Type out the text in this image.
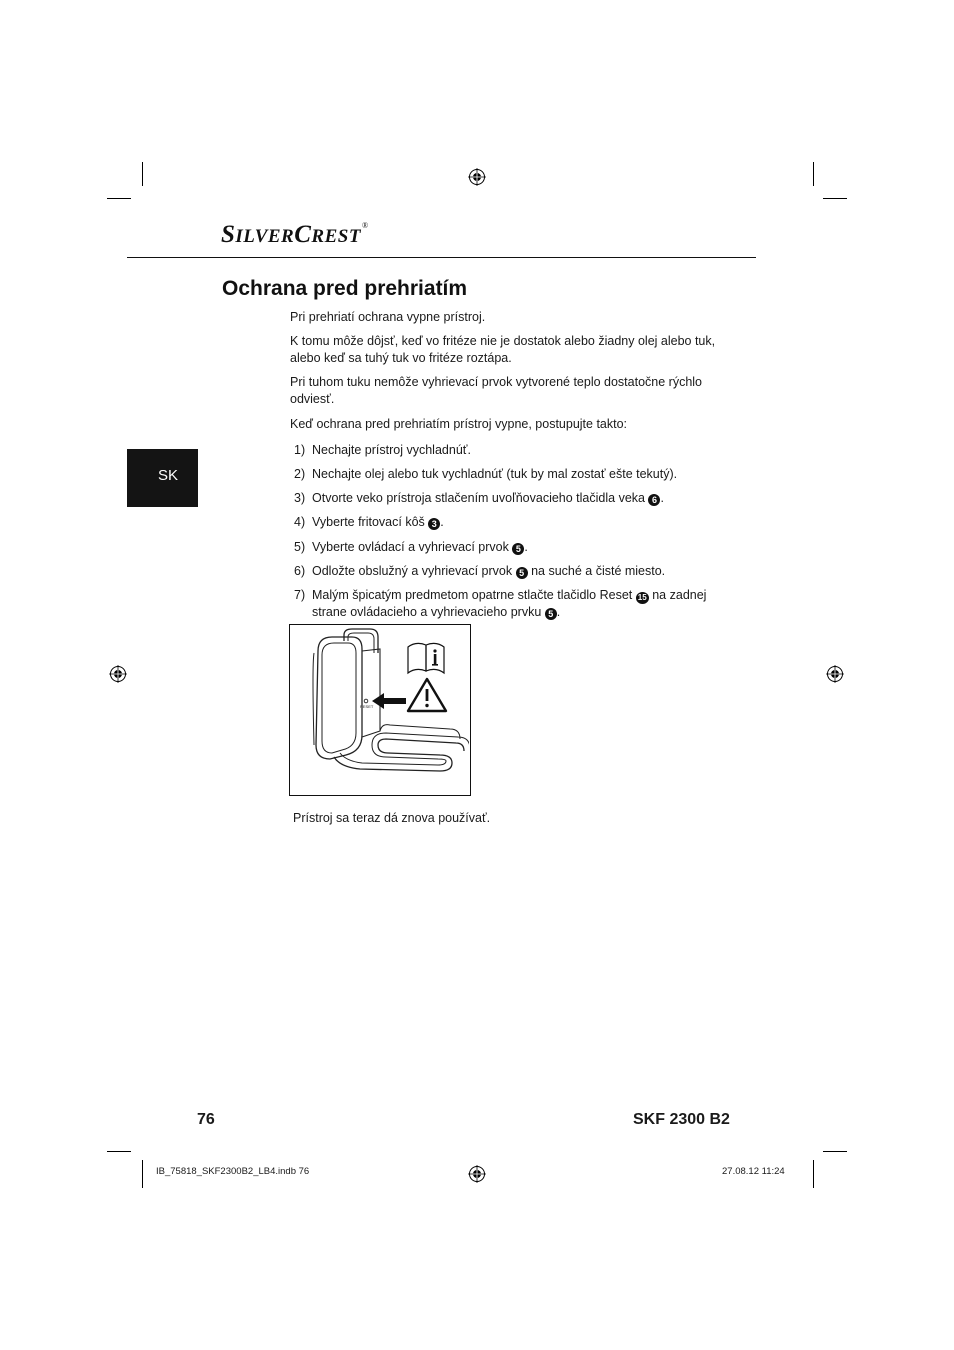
SILVERCREST®
Ochrana pred prehriatím
SK

Pri prehriatí ochrana vypne prístroj.

K tomu môže dôjsť, keď vo fritéze nie je dostatok alebo žiadny olej alebo tuk, alebo keď sa tuhý tuk vo fritéze roztápa.

Pri tuhom tuku nemôže vyhrievací prvok vytvorené teplo dostatočne rýchlo odviesť.

Keď ochrana pred prehriatím prístroj vypne, postupujte takto:

1) Nechajte prístroj vychladnúť.
2) Nechajte olej alebo tuk vychladnúť (tuk by mal zostať ešte tekutý).
3) Otvorte veko prístroja stlačením uvoľňovacieho tlačidla veka 6 .
4) Vyberte fritovací kôš 3 .
5) Vyberte ovládací a vyhrievací prvok 5 .
6) Odložte obslužný a vyhrievací prvok 5 na suché a čisté miesto.
7) Malým špicatým predmetom opatrne stlačte tlačidlo Reset 15 na zadnej strane ovládacieho a vyhrievacieho prvku 5 .
RESET
Prístroj sa teraz dá znova používať.
76	SKF 2300 B2
IB_75818_SKF2300B2_LB4.indb 76	27.08.12 11:24
